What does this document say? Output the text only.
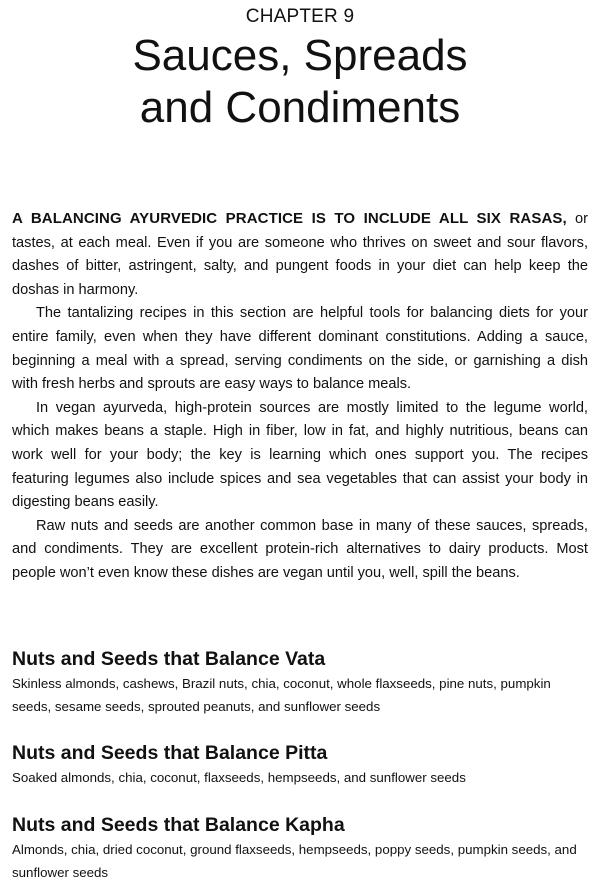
CHAPTER 9
Sauces, Spreads
and Condiments

A BALANCING AYURVEDIC PRACTICE IS TO INCLUDE ALL SIX RASAS, or tastes, at each meal. Even if you are someone who thrives on sweet and sour flavors, dashes of bitter, astringent, salty, and pungent foods in your diet can help keep the doshas in harmony.

The tantalizing recipes in this section are helpful tools for balancing diets for your entire family, even when they have different dominant constitutions. Adding a sauce, beginning a meal with a spread, serving condiments on the side, or garnishing a dish with fresh herbs and sprouts are easy ways to balance meals.

In vegan ayurveda, high-protein sources are mostly limited to the legume world, which makes beans a staple. High in fiber, low in fat, and highly nutritious, beans can work well for your body; the key is learning which ones support you. The recipes featuring legumes also include spices and sea vegetables that can assist your body in digesting beans easily.

Raw nuts and seeds are another common base in many of these sauces, spreads, and condiments. They are excellent protein-rich alternatives to dairy products. Most people won’t even know these dishes are vegan until you, well, spill the beans.

Nuts and Seeds that Balance Vata

Skinless almonds, cashews, Brazil nuts, chia, coconut, whole flaxseeds, pine nuts, pumpkin seeds, sesame seeds, sprouted peanuts, and sunflower seeds

Nuts and Seeds that Balance Pitta

Soaked almonds, chia, coconut, flaxseeds, hempseeds, and sunflower seeds

Nuts and Seeds that Balance Kapha

Almonds, chia, dried coconut, ground flaxseeds, hempseeds, poppy seeds, pumpkin seeds, and sunflower seeds
